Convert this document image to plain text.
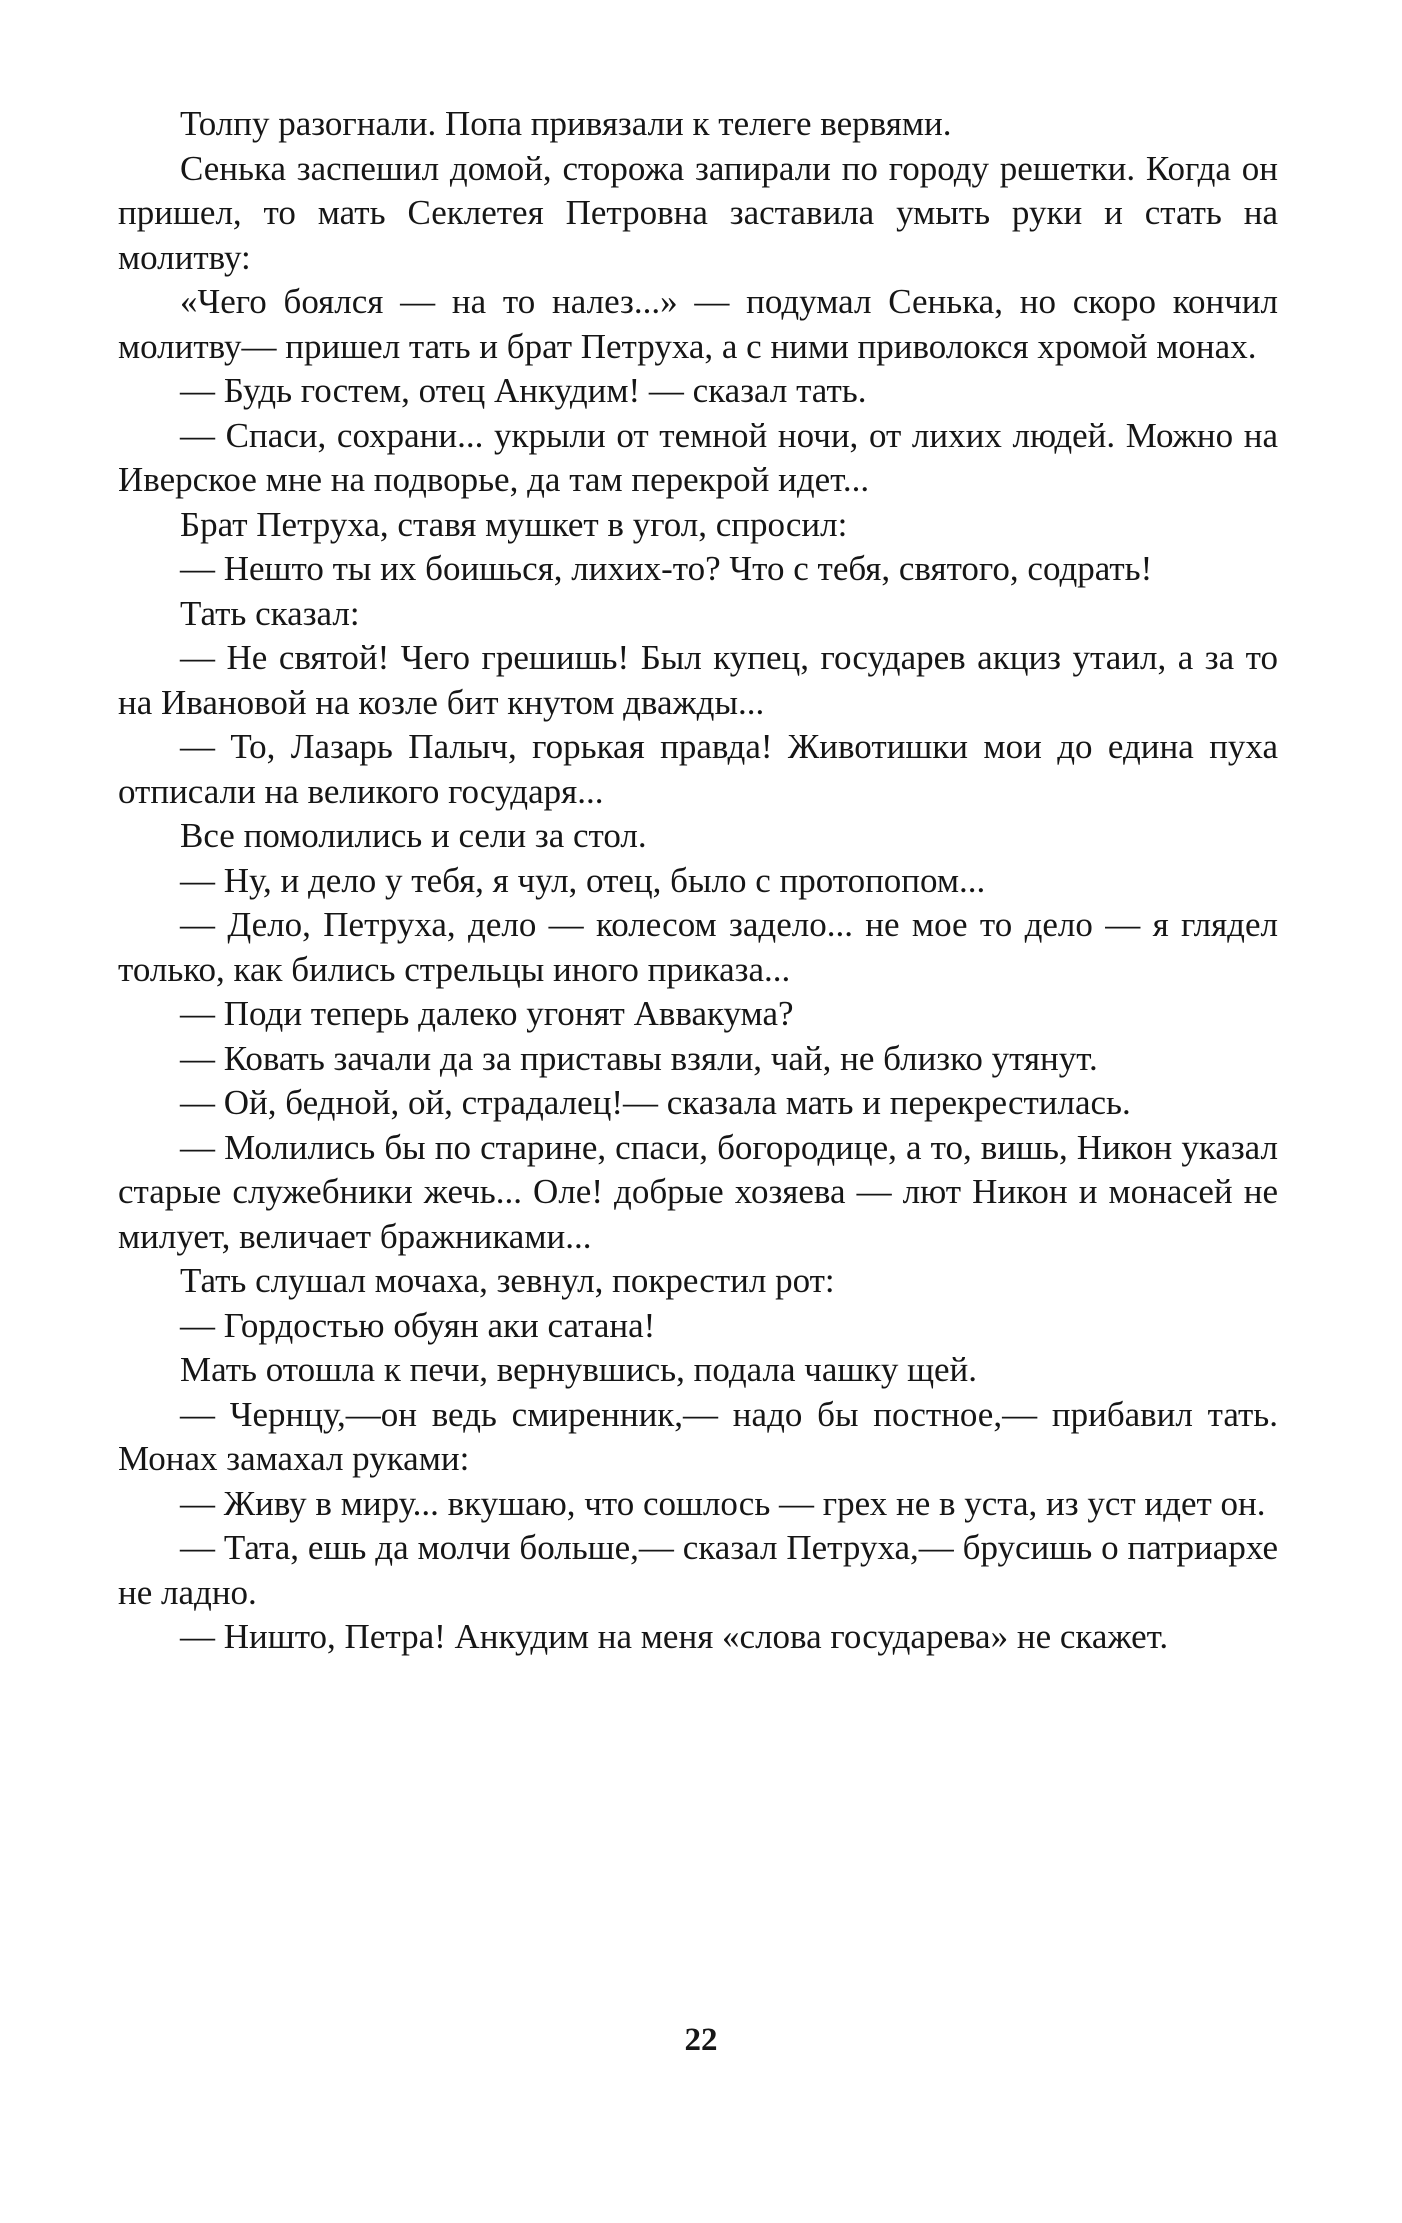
Толпу разогнали. Попа привязали к телеге вервями.

Сенька заспешил домой, сторожа запирали по городу решетки. Когда он пришел, то мать Секлетея Петровна заставила умыть руки и стать на молитву:

«Чего боялся — на то налез...» — подумал Сенька, но скоро кончил молитву— пришел тать и брат Петруха, а с ними приволокся хромой монах.

— Будь гостем, отец Анкудим! — сказал тать.

— Спаси, сохрани... укрыли от темной ночи, от лихих людей. Можно на Иверское мне на подворье, да там перекрой идет...

Брат Петруха, ставя мушкет в угол, спросил:

— Нешто ты их боишься, лихих-то? Что с тебя, святого, содрать!

Тать сказал:

— Не святой! Чего грешишь! Был купец, государев акциз утаил, а за то на Ивановой на козле бит кнутом дважды...

— То, Лазарь Палыч, горькая правда! Животишки мои до едина пуха отписали на великого государя...

Все помолились и сели за стол.

— Ну, и дело у тебя, я чул, отец, было с протопопом...

— Дело, Петруха, дело — колесом задело... не мое то дело — я глядел только, как бились стрельцы иного приказа...

— Поди теперь далеко угонят Аввакума?

— Ковать зачали да за приставы взяли, чай, не близко утянут.

— Ой, бедной, ой, страдалец!— сказала мать и перекрестилась.

— Молились бы по старине, спаси, богородице, а то, вишь, Никон указал старые служебники жечь... Оле! добрые хозяева — лют Никон и монасей не милует, величает бражниками...

Тать слушал мочаха, зевнул, покрестил рот:

— Гордостью обуян аки сатана!

Мать отошла к печи, вернувшись, подала чашку щей.

— Чернцу,—он ведь смиренник,— надо бы постное,— прибавил тать. Монах замахал руками:

— Живу в миру... вкушаю, что сошлось — грех не в уста, из уст идет он.

— Тата, ешь да молчи больше,— сказал Петруха,— брусишь о патриархе не ладно.

— Ништо, Петра! Анкудим на меня «слова государева» не скажет.

22
